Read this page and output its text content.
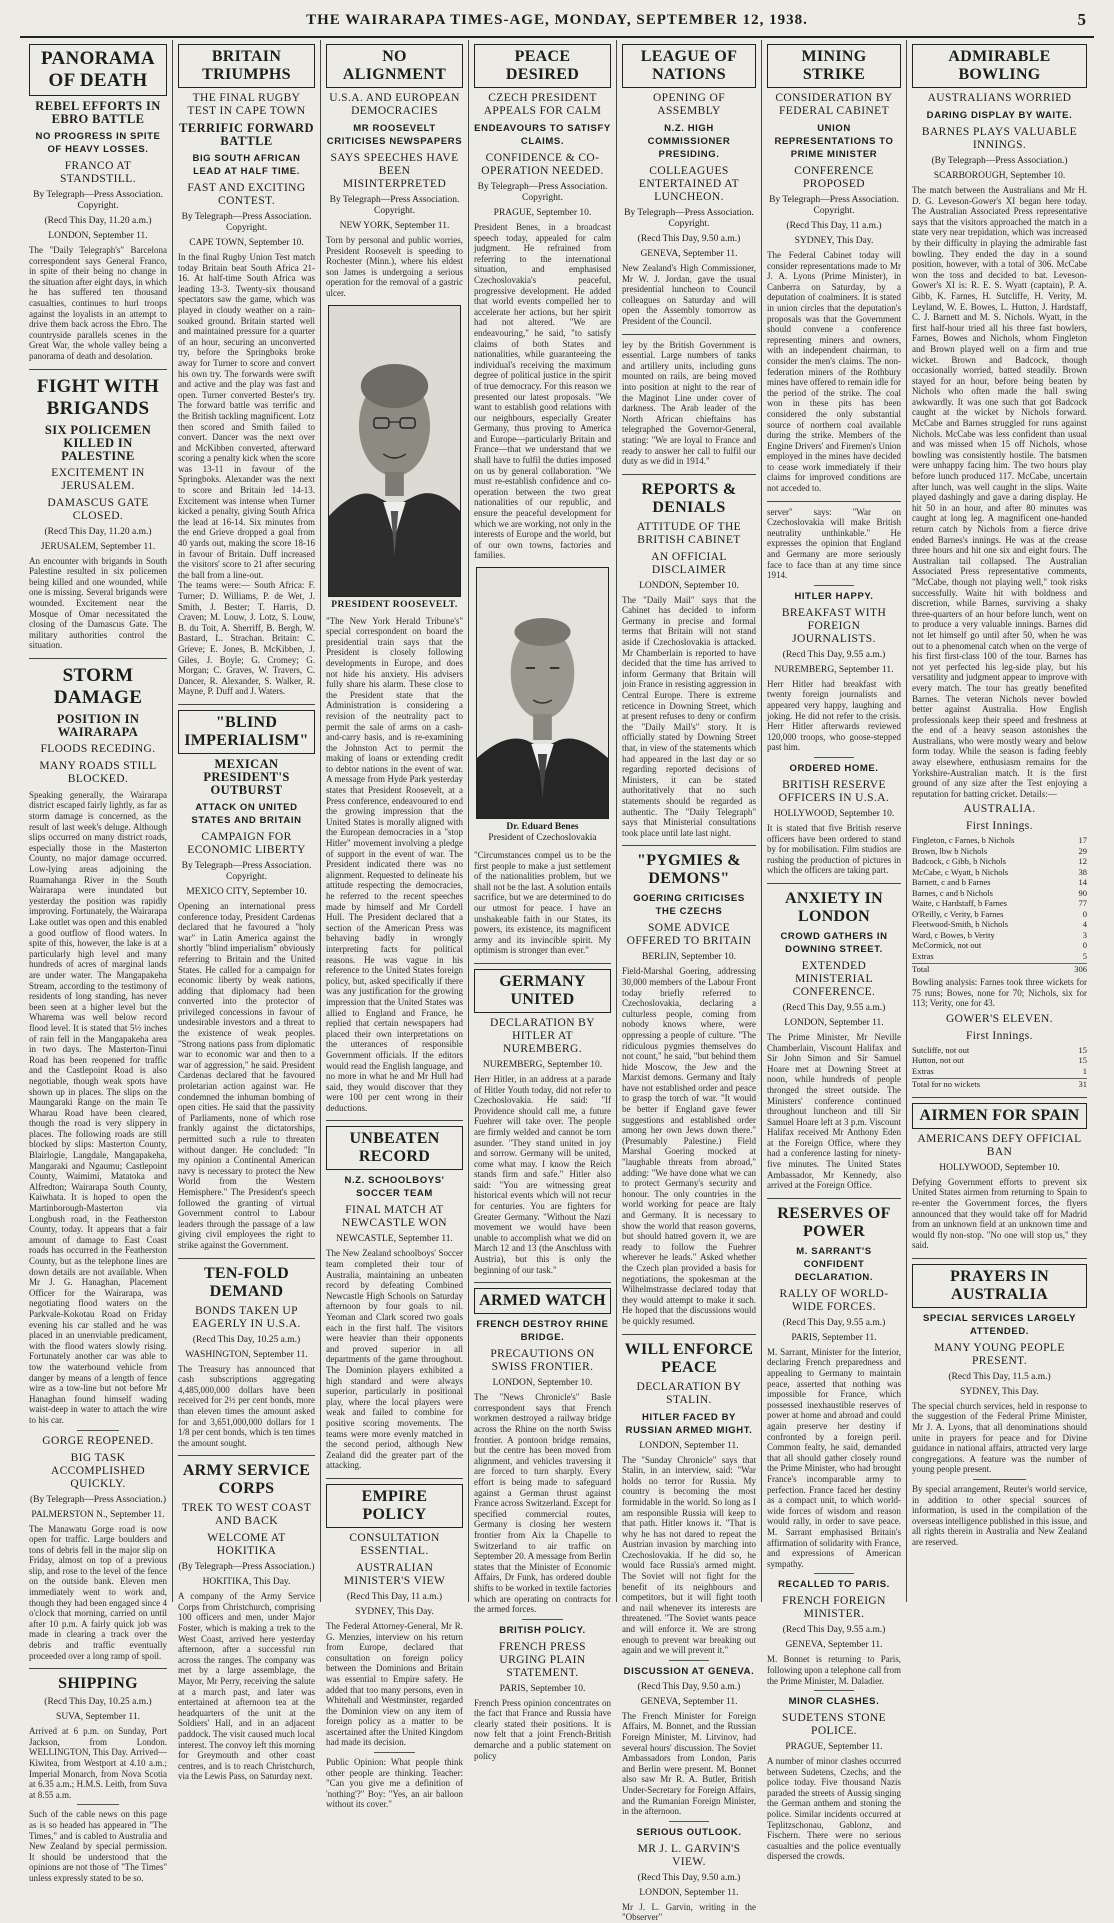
THE WAIRARAPA TIMES-AGE, MONDAY, SEPTEMBER 12, 1938.	5
PANORAMA OF DEATH
REBEL EFFORTS IN EBRO BATTLE
NO PROGRESS IN SPITE OF HEAVY LOSSES.
FRANCO AT STANDSTILL.
By Telegraph—Press Association. Copyright.
(Recd This Day, 11.20 a.m.)
LONDON, September 11.
The "Daily Telegraph's" Barcelona correspondent says General Franco, in spite of their being no change in the situation after eight days, in which he has suffered ten thousand casualties, continues to hurl troops against the loyalists in an attempt to drive them back across the Ebro. The countryside parallels scenes in the Great War, the whole valley being a panorama of death and desolation.
FIGHT WITH BRIGANDS
SIX POLICEMEN KILLED IN PALESTINE
EXCITEMENT IN JERUSALEM.
DAMASCUS GATE CLOSED.
(Recd This Day, 11.20 a.m.)
JERUSALEM, September 11.
An encounter with brigands in South Palestine resulted in six policemen being killed and one wounded, while one is missing. Several brigands were wounded. Excitement near the Mosque of Omar necessitated the closing of the Damascus Gate. The military authorities control the situation.
STORM DAMAGE
POSITION IN WAIRARAPA
FLOODS RECEDING.
MANY ROADS STILL BLOCKED.
Speaking generally, the Wairarapa district escaped fairly lightly, as far as storm damage is concerned, as the result of last week's deluge. Although slips occurred on many district roads, especially those in the Masterton County, no major damage occurred. Low-lying areas adjoining the Ruamahanga River in the South Wairarapa were inundated but yesterday the position was rapidly improving. Fortunately, the Wairarapa Lake outlet was open and this enabled a good outflow of flood waters. In spite of this, however, the lake is at a particularly high level and many hundreds of acres of marginal lands are under water. The Mangapakeha Stream, according to the testimony of residents of long standing, has never been seen at a higher level but the Wharema was well below record flood level. It is stated that 5½ inches of rain fell in the Mangapakeha area in two days. The Masterton-Tinui Road has been reopened for traffic and the Castlepoint Road is also negotiable, though weak spots have shown up in places. The slips on the Maungaraki Range on the main Te Wharau Road have been cleared, though the road is very slippery in places. The following roads are still blocked by slips: Masterton County, Blairlogie, Langdale, Mangapakeha, Mangaraki and Ngaumu; Castlepoint County, Waimimi, Matatoka and Alfredton; Wairarapa South County, Kaiwhata. It is hoped to open the Martinborough-Masterton via Longbush road, in the Featherston County, today. It appears that a fair amount of damage to East Coast roads has occurred in the Featherston County, but as the telephone lines are down details are not available. When Mr J. G. Hanaghan, Placement Officer for the Wairarapa, was negotiating flood waters on the Parkvale-Kokotau Road on Friday evening his car stalled and he was placed in an unenviable predicament, with the flood waters slowly rising. Fortunately another car was able to tow the waterbound vehicle from danger by means of a length of fence wire as a tow-line but not before Mr Hanaghan found himself wading waist-deep in water to attach the wire to his car.
GORGE REOPENED.
BIG TASK ACCOMPLISHED QUICKLY.
(By Telegraph—Press Association.)
PALMERSTON N., September 11.
The Manawatu Gorge road is now open for traffic. Large boulders and tons of debris fell in the major slip on Friday, almost on top of a previous slip, and rose to the level of the fence on the outside bank. Eleven men immediately went to work and, though they had been engaged since 4 o'clock that morning, carried on until after 10 p.m. A fairly quick job was made in clearing a track over the debris and traffic eventually proceeded over a long ramp of spoil.
SHIPPING
(Recd This Day, 10.25 a.m.)
SUVA, September 11.
Arrived at 6 p.m. on Sunday, Port Jackson, from London. WELLINGTON, This Day. Arrived—Kiwitea, from Westport at 4.10 a.m.; Imperial Monarch, from Nova Scotia at 6.35 a.m.; H.M.S. Leith, from Suva at 8.55 a.m.
Such of the cable news on this page as is so headed has appeared in "The Times," and is cabled to Australia and New Zealand by special permission. It should be understood that the opinions are not those of "The Times" unless expressly stated to be so.
BRITAIN TRIUMPHS
THE FINAL RUGBY TEST IN CAPE TOWN
TERRIFIC FORWARD BATTLE
BIG SOUTH AFRICAN LEAD AT HALF TIME.
FAST AND EXCITING CONTEST.
By Telegraph—Press Association. Copyright.
CAPE TOWN, September 10.
In the final Rugby Union Test match today Britain beat South Africa 21-16. At half-time South Africa was leading 13-3. Twenty-six thousand spectators saw the game, which was played in cloudy weather on a rain-soaked ground. Britain started well and maintained pressure for a quarter of an hour, securing an unconverted try, before the Springboks broke away for Turner to score and convert his own try. The forwards were swift and active and the play was fast and open. Turner converted Bester's try. The forward battle was terrific and the British tackling magnificent. Lotz then scored and Smith failed to convert. Dancer was the next over and McKibben converted, afterward scoring a penalty kick when the score was 13-11 in favour of the Springboks. Alexander was the next to score and Britain led 14-13. Excitement was intense when Turner kicked a penalty, giving South Africa the lead at 16-14. Six minutes from the end Grieve dropped a goal from 40 yards out, making the score 18-16 in favour of Britain. Duff increased the visitors' score to 21 after securing the ball from a line-out.
The teams were:— South Africa: F. Turner; D. Williams, P. de Wet, J. Smith, J. Bester; T. Harris, D. Craven; M. Louw, J. Lotz, S. Louw, B. du Toit, A. Sherriff, B. Bergh, W. Bastard, L. Strachan. Britain: C. Grieve; E. Jones, B. McKibben, J. Giles, J. Boyle; G. Cromey; G. Morgan; C. Graves, W. Travers, C. Dancer, R. Alexander, S. Walker, R. Mayne, P. Duff and J. Waters.
"BLIND IMPERIALISM"
MEXICAN PRESIDENT'S OUTBURST
ATTACK ON UNITED STATES AND BRITAIN
CAMPAIGN FOR ECONOMIC LIBERTY
By Telegraph—Press Association. Copyright.
MEXICO CITY, September 10.
Opening an international press conference today, President Cardenas declared that he favoured a "holy war" in Latin America against the shortly "blind imperialism" obviously referring to Britain and the United States. He called for a campaign for economic liberty by weak nations, adding that diplomacy had been converted into the protector of privileged concessions in favour of undesirable investors and a threat to the existence of weak peoples. "Strong nations pass from diplomatic war to economic war and then to a war of aggression," he said. President Cardenas declared that he favoured proletarian action against war. He condemned the inhuman bombing of open cities. He said that the passivity of Parliaments, none of which rose frankly against the dictatorships, permitted such a rule to threaten without danger. He concluded: "In my opinion a Continental American navy is necessary to protect the New World from the Western Hemisphere." The President's speech followed the granting of virtual Government control to Labour leaders through the passage of a law giving civil employees the right to strike against the Government.
TEN-FOLD DEMAND
BONDS TAKEN UP EAGERLY IN U.S.A.
(Recd This Day, 10.25 a.m.)
WASHINGTON, September 11.
The Treasury has announced that cash subscriptions aggregating 4,485,000,000 dollars have been received for 2½ per cent bonds, more than eleven times the amount asked for and 3,651,000,000 dollars for 1 1/8 per cent bonds, which is ten times the amount sought.
ARMY SERVICE CORPS
TREK TO WEST COAST AND BACK
WELCOME AT HOKITIKA
(By Telegraph—Press Association.)
HOKITIKA, This Day.
A company of the Army Service Corps from Christchurch, comprising 100 officers and men, under Major Foster, which is making a trek to the West Coast, arrived here yesterday afternoon, after a successful run across the ranges. The company was met by a large assemblage, the Mayor, Mr Perry, receiving the salute at a march past, and later was entertained at afternoon tea at the headquarters of the unit at the Soldiers' Hall, and in an adjacent paddock. The visit caused much local interest. The convoy left this morning for Greymouth and other coast centres, and is to reach Christchurch, via the Lewis Pass, on Saturday next.
NO ALIGNMENT
U.S.A. AND EUROPEAN DEMOCRACIES
MR ROOSEVELT CRITICISES NEWSPAPERS
SAYS SPEECHES HAVE BEEN MISINTERPRETED
By Telegraph—Press Association. Copyright.
NEW YORK, September 11.
Torn by personal and public worries, President Roosevelt is speeding to Rochester (Minn.), where his eldest son James is undergoing a serious operation for the removal of a gastric ulcer.
PRESIDENT ROOSEVELT.
"The New York Herald Tribune's" special correspondent on board the presidential train says that the President is closely following developments in Europe, and does not hide his anxiety. His advisers fully share his alarm. These close to the President state that the Administration is considering a revision of the neutrality pact to permit the sale of arms on a cash-and-carry basis, and is re-examining the Johnston Act to permit the making of loans or extending credit to debtor nations in the event of war. A message from Hyde Park yesterday states that President Roosevelt, at a Press conference, endeavoured to end the growing impression that the United States is morally aligned with the European democracies in a "stop Hitler" movement involving a pledge of support in the event of war. The President indicated there was no alignment. Requested to delineate his attitude respecting the democracies, he referred to the recent speeches made by himself and Mr Cordell Hull. The President declared that a section of the American Press was behaving badly in wrongly interpreting facts for political reasons. He was vague in his reference to the United States foreign policy, but, asked specifically if there was any justification for the growing impression that the United States was allied to England and France, he replied that certain newspapers had placed their own interpretations on the utterances of responsible Government officials. If the editors would read the English language, and no more in what he and Mr Hull had said, they would discover that they were 100 per cent wrong in their deductions.
UNBEATEN RECORD
N.Z. SCHOOLBOYS' SOCCER TEAM
FINAL MATCH AT NEWCASTLE WON
NEWCASTLE, September 11.
The New Zealand schoolboys' Soccer team completed their tour of Australia, maintaining an unbeaten record by defeating Combined Newcastle High Schools on Saturday afternoon by four goals to nil. Yeoman and Clark scored two goals each in the first half. The visitors were heavier than their opponents and proved superior in all departments of the game throughout. The Dominion players exhibited a high standard and were always superior, particularly in positional play, where the local players were weak and failed to combine for positive scoring movements. The teams were more evenly matched in the second period, although New Zealand did the greater part of the attacking.
EMPIRE POLICY
CONSULTATION ESSENTIAL.
AUSTRALIAN MINISTER'S VIEW
(Recd This Day, 11 a.m.)
SYDNEY, This Day.
The Federal Attorney-General, Mr R. G. Menzies, interview on his return from Europe, declared that consultation on foreign policy between the Dominions and Britain was essential to Empire safety. He added that too many persons, even in Whitehall and Westminster, regarded the Dominion view on any item of foreign policy as a matter to be ascertained after the United Kingdom had made its decision.
Public Opinion: What people think other people are thinking. Teacher: "Can you give me a definition of 'nothing'?" Boy: "Yes, an air balloon without its cover."
PEACE DESIRED
CZECH PRESIDENT APPEALS FOR CALM
ENDEAVOURS TO SATISFY CLAIMS.
CONFIDENCE & CO-OPERATION NEEDED.
By Telegraph—Press Association. Copyright.
PRAGUE, September 10.
President Benes, in a broadcast speech today, appealed for calm judgment. He refrained from referring to the international situation, and emphasised Czechoslovakia's peaceful, progressive development. He added that world events compelled her to accelerate her actions, but her spirit had not altered. "We are endeavouring," he said, "to satisfy claims of both States and nationalities, while guaranteeing the individual's receiving the maximum degree of political justice in the spirit of true democracy. For this reason we presented our latest proposals. "We want to establish good relations with our neighbours, especially Greater Germany, thus proving to America and Europe—particularly Britain and France—that we understand that we shall have to fulfil the duties imposed on us by general collaboration. "We must re-establish confidence and co-operation between the two great nationalities of our republic, and ensure the peaceful development for which we are working, not only in the interests of Europe and the world, but of our own towns, factories and families.
Dr. Eduard Benes
President of Czechoslovakia
"Circumstances compel us to be the first people to make a just settlement of the nationalities problem, but we shall not be the last. A solution entails sacrifice, but we are determined to do our utmost for peace. I have an unshakeable faith in our States, its powers, its existence, its magnificent army and its invincible spirit. My optimism is stronger than ever."
GERMANY UNITED
DECLARATION BY HITLER AT NUREMBERG.
NUREMBERG, September 10.
Herr Hitler, in an address at a parade of Hitler Youth today, did not refer to Czechoslovakia. He said: "If Providence should call me, a future Fuehrer will take over. The people are firmly welded and cannot be torn asunder. "They stand united in joy and sorrow. Germany will be united, come what may. I know the Reich stands firm and safe." Hitler also said: "You are witnessing great historical events which will not recur for centuries. You are fighters for Greater Germany. "Without the Nazi movement we would have been unable to accomplish what we did on March 12 and 13 (the Anschluss with Austria), but this is only the beginning of our task."
ARMED WATCH
FRENCH DESTROY RHINE BRIDGE.
PRECAUTIONS ON SWISS FRONTIER.
LONDON, September 10.
The "News Chronicle's" Basle correspondent says that French workmen destroyed a railway bridge across the Rhine on the north Swiss frontier. A pontoon bridge remains, but the centre has been moved from alignment, and vehicles traversing it are forced to turn sharply. Every effort is being made to safeguard against a German thrust against France across Switzerland. Except for specified commercial routes, Germany is closing her western frontier from Aix la Chapelle to Switzerland to air traffic on September 20. A message from Berlin states that the Minister of Economic Affairs, Dr Funk, has ordered double shifts to be worked in textile factories which are operating on contracts for the armed forces.
BRITISH POLICY.
FRENCH PRESS URGING PLAIN STATEMENT.
PARIS, September 10.
French Press opinion concentrates on the fact that France and Russia have clearly stated their positions. It is now felt that a joint French-British demarche and a public statement on policy
LEAGUE OF NATIONS
OPENING OF ASSEMBLY
N.Z. HIGH COMMISSIONER PRESIDING.
COLLEAGUES ENTERTAINED AT LUNCHEON.
By Telegraph—Press Association. Copyright.
(Recd This Day, 9.50 a.m.)
GENEVA, September 11.
New Zealand's High Commissioner, Mr W. J. Jordan, gave the usual presidential luncheon to Council colleagues on Saturday and will open the Assembly tomorrow as President of the Council.
ley by the British Government is essential. Large numbers of tanks and artillery units, including guns mounted on rails, are being moved into position at night to the rear of the Maginot Line under cover of darkness. The Arab leader of the North African chieftains has telegraphed the Governor-General, stating: "We are loyal to France and ready to answer her call to fulfil our duty as we did in 1914."
REPORTS & DENIALS
ATTITUDE OF THE BRITISH CABINET
AN OFFICIAL DISCLAIMER
LONDON, September 10.
The "Daily Mail" says that the Cabinet has decided to inform Germany in precise and formal terms that Britain will not stand aside if Czechoslovakia is attacked. Mr Chamberlain is reported to have decided that the time has arrived to inform Germany that Britain will join France in resisting aggression in Central Europe. There is extreme reticence in Downing Street, which at present refuses to deny or confirm the "Daily Mail's" story. It is officially stated by Downing Street that, in view of the statements which had appeared in the last day or so regarding reported decisions of Ministers, it can be stated authoritatively that no such statements should be regarded as authentic. The "Daily Telegraph" says that Ministerial consultations took place until late last night.
"PYGMIES & DEMONS"
GOERING CRITICISES THE CZECHS
SOME ADVICE OFFERED TO BRITAIN
BERLIN, September 10.
Field-Marshal Goering, addressing 30,000 members of the Labour Front today briefly referred to Czechoslovakia, declaring a culturless people, coming from nobody knows where, were oppressing a people of culture. "The ridiculous pygmies themselves do not count," he said, "but behind them hide Moscow, the Jew and the Marxist demons. Germany and Italy have not established order and peace to grasp the torch of war. "It would be better if England gave fewer suggestions and established order among her own Jews down there." (Presumably Palestine.) Field Marshal Goering mocked at "laughable threats from abroad," adding: "We have done what we can to protect Germany's security and honour. The only countries in the world working for peace are Italy and Germany. It is necessary to show the world that reason governs, but should hatred govern it, we are ready to follow the Fuehrer wherever he leads." Asked whether the Czech plan provided a basis for negotiations, the spokesman at the Wilhelmstrasse declared today that they would attempt to make it such. He hoped that the discussions would be quickly resumed.
WILL ENFORCE PEACE
DECLARATION BY STALIN.
HITLER FACED BY RUSSIAN ARMED MIGHT.
LONDON, September 11.
The "Sunday Chronicle" says that Stalin, in an interview, said: "War holds no terror for Russia. My country is becoming the most formidable in the world. So long as I am responsible Russia will keep to that path. Hitler knows it. "That is why he has not dared to repeat the Austrian invasion by marching into Czechoslovakia. If he did so, he would face Russia's armed might. The Soviet will not fight for the benefit of its neighbours and competitors, but it will fight tooth and nail whenever its interests are threatened. "The Soviet wants peace and will enforce it. We are strong enough to prevent war breaking out again and we will prevent it."
DISCUSSION AT GENEVA.
(Recd This Day, 9.50 a.m.)
GENEVA, September 11.
The French Minister for Foreign Affairs, M. Bonnet, and the Russian Foreign Minister, M. Litvinov, had several hours' discussion. The Soviet Ambassadors from London, Paris and Berlin were present. M. Bonnet also saw Mr R. A. Butler, British Under-Secretary for Foreign Affairs, and the Rumanian Foreign Minister, in the afternoon.
SERIOUS OUTLOOK.
MR J. L. GARVIN'S VIEW.
(Recd This Day, 9.50 a.m.)
LONDON, September 11.
Mr J. L. Garvin, writing in the "Observer"
MINING STRIKE
CONSIDERATION BY FEDERAL CABINET
UNION REPRESENTATIONS TO PRIME MINISTER
CONFERENCE PROPOSED
By Telegraph—Press Association. Copyright.
(Recd This Day, 11 a.m.)
SYDNEY, This Day.
The Federal Cabinet today will consider representations made to Mr J. A. Lyons (Prime Minister), in Canberra on Saturday, by a deputation of coalminers. It is stated in union circles that the deputation's proposals was that the Government should convene a conference representing miners and owners, with an independent chairman, to consider the men's claims. The non-federation miners of the Rothbury mines have offered to remain idle for the period of the strike. The coal won in these pits has been considered the only substantial source of northern coal available during the strike. Members of the Engine Drivers' and Firemen's Union employed in the mines have decided to cease work immediately if their claims for improved conditions are not acceded to.
server" says: "War on Czechoslovakia will make British neutrality unthinkable." He expresses the opinion that England and Germany are more seriously face to face than at any time since 1914.
HITLER HAPPY.
BREAKFAST WITH FOREIGN JOURNALISTS.
(Recd This Day, 9.55 a.m.)
NUREMBERG, September 11.
Herr Hitler had breakfast with twenty foreign journalists and appeared very happy, laughing and joking. He did not refer to the crisis. Herr Hitler afterwards reviewed 120,000 troops, who goose-stepped past him.
ORDERED HOME.
BRITISH RESERVE OFFICERS IN U.S.A.
HOLLYWOOD, September 10.
It is stated that five British reserve officers have been ordered to stand by for mobilisation. Film studios are rushing the production of pictures in which the officers are taking part.
ANXIETY IN LONDON
CROWD GATHERS IN DOWNING STREET.
EXTENDED MINISTERIAL CONFERENCE.
(Recd This Day, 9.55 a.m.)
LONDON, September 11.
The Prime Minister, Mr Neville Chamberlain, Viscount Halifax and Sir John Simon and Sir Samuel Hoare met at Downing Street at noon, while hundreds of people thronged the street outside. The Ministers' conference continued throughout luncheon and till Sir Samuel Hoare left at 3 p.m. Viscount Halifax received Mr Anthony Eden at the Foreign Office, where they had a conference lasting for ninety-five minutes. The United States Ambassador, Mr Kennedy, also arrived at the Foreign Office.
RESERVES OF POWER
M. SARRANT'S CONFIDENT DECLARATION.
RALLY OF WORLD-WIDE FORCES.
(Recd This Day, 9.55 a.m.)
PARIS, September 11.
M. Sarrant, Minister for the Interior, declaring French preparedness and appealing to Germany to maintain peace, asserted that nothing was impossible for France, which possessed inexhaustible reserves of power at home and abroad and could again preserve her destiny if confronted by a foreign peril. Common fealty, he said, demanded that all should gather closely round the Prime Minister, who had brought France's incomparable army to perfection. France faced her destiny as a compact unit, to which world-wide forces of wisdom and reason would rally, in order to save peace. M. Sarrant emphasised Britain's affirmation of solidarity with France, and expressions of American sympathy.
RECALLED TO PARIS.
FRENCH FOREIGN MINISTER.
(Recd This Day, 9.55 a.m.)
GENEVA, September 11.
M. Bonnet is returning to Paris, following upon a telephone call from the Prime Minister, M. Daladier.
MINOR CLASHES.
SUDETENS STONE POLICE.
PRAGUE, September 11.
A number of minor clashes occurred between Sudetens, Czechs, and the police today. Five thousand Nazis paraded the streets of Aussig singing the German anthem and stoning the police. Similar incidents occurred at Teplitzschonau, Gablonz, and Fischern. There were no serious casualties and the police eventually dispersed the crowds.
ADMIRABLE BOWLING
AUSTRALIANS WORRIED
DARING DISPLAY BY WAITE.
BARNES PLAYS VALUABLE INNINGS.
(By Telegraph—Press Association.)
SCARBOROUGH, September 10.
The match between the Australians and Mr H. D. G. Leveson-Gower's XI began here today. The Australian Associated Press representative says that the visitors approached the match in a state very near trepidation, which was increased by their difficulty in playing the admirable fast bowling. They ended the day in a sound position, however, with a total of 306. McCabe won the toss and decided to bat. Leveson-Gower's XI is: R. E. S. Wyatt (captain), P. A. Gibb, K. Farnes, H. Sutcliffe, H. Verity, M. Leyland, W. E. Bowes, L. Hutton, J. Hardstaff, C. J. Barnett and M. S. Nichols. Wyatt, in the first half-hour tried all his three fast bowlers, Farnes, Bowes and Nichols, whom Fingleton and Brown played well on a firm and true wicket. Brown and Badcock, though occasionally worried, batted steadily. Brown stayed for an hour, before being beaten by Nichols who often made the ball swing awkwardly. It was one such that got Badcock caught at the wicket by Nichols forward. McCabe and Barnes struggled for runs against Nichols. McCabe was less confident than usual and was missed when 15 off Nichols, whose bowling was consistently hostile. The batsmen were unhappy facing him. The two hours play before lunch produced 117. McCabe, uncertain after lunch, was well caught in the slips. Waite played dashingly and gave a daring display. He hit 50 in an hour, and after 80 minutes was caught at long leg. A magnificent one-handed return catch by Nichols from a fierce drive ended Barnes's innings. He was at the crease three hours and hit one six and eight fours. The Australian tail collapsed. The Australian Associated Press representative comments, "McCabe, though not playing well," took risks successfully. Waite hit with boldness and discretion, while Barnes, surviving a shaky three-quarters of an hour before lunch, went on to produce a very valuable innings. Barnes did not let himself go until after 50, when he was out to a phenomenal catch when on the verge of his first first-class 100 of the tour. Barnes has not yet perfected his leg-side play, but his versatility and judgment appear to improve with every match. The tour has greatly benefited Barnes. The veteran Nichols never bowled better against Australia. How English professionals keep their speed and freshness at the end of a heavy season astonishes the Australians, who were mostly weary and below form today. While the season is fading feebly away elsewhere, enthusiasm remains for the Yorkshire-Australian match. It is the first ground of any size after the Test enjoying a reputation for batting cricket. Details:—
AUSTRALIA.
First Innings.
Fingleton, c Farnes, b Nichols	17
Brown, lbw b Nichols	29
Badcock, c Gibb, b Nichols	12
McCabe, c Wyatt, b Nichols	38
Barnett, c and b Farnes	14
Barnes, c and b Nichols	90
Waite, c Hardstaff, b Farnes	77
O'Reilly, c Verity, b Farnes	0
Fleetwood-Smith, b Nichols	4
Ward, c Bowes, b Verity	3
McCormick, not out	0
Extras	5
Total	306
Bowling analysis: Farnes took three wickets for 75 runs; Bowes, none for 70; Nichols, six for 113; Verity, one for 43.
GOWER'S ELEVEN.
First Innings.
Sutcliffe, not out	15
Hutton, not out	15
Extras	1
Total for no wickets	31
AIRMEN FOR SPAIN
AMERICANS DEFY OFFICIAL BAN
HOLLYWOOD, September 10.
Defying Government efforts to prevent six United States airmen from returning to Spain to re-enter the Government forces, the flyers announced that they would take off for Madrid from an unknown field at an unknown time and would fly non-stop. "No one will stop us," they said.
PRAYERS IN AUSTRALIA
SPECIAL SERVICES LARGELY ATTENDED.
MANY YOUNG PEOPLE PRESENT.
(Recd This Day, 11.5 a.m.)
SYDNEY, This Day.
The special church services, held in response to the suggestion of the Federal Prime Minister, Mr J. A. Lyons, that all denominations should unite in prayers for peace and for Divine guidance in national affairs, attracted very large congregations. A feature was the number of young people present.
By special arrangement, Reuter's world service, in addition to other special sources of information, is used in the compilation of the overseas intelligence published in this issue, and all rights therein in Australia and New Zealand are reserved.
